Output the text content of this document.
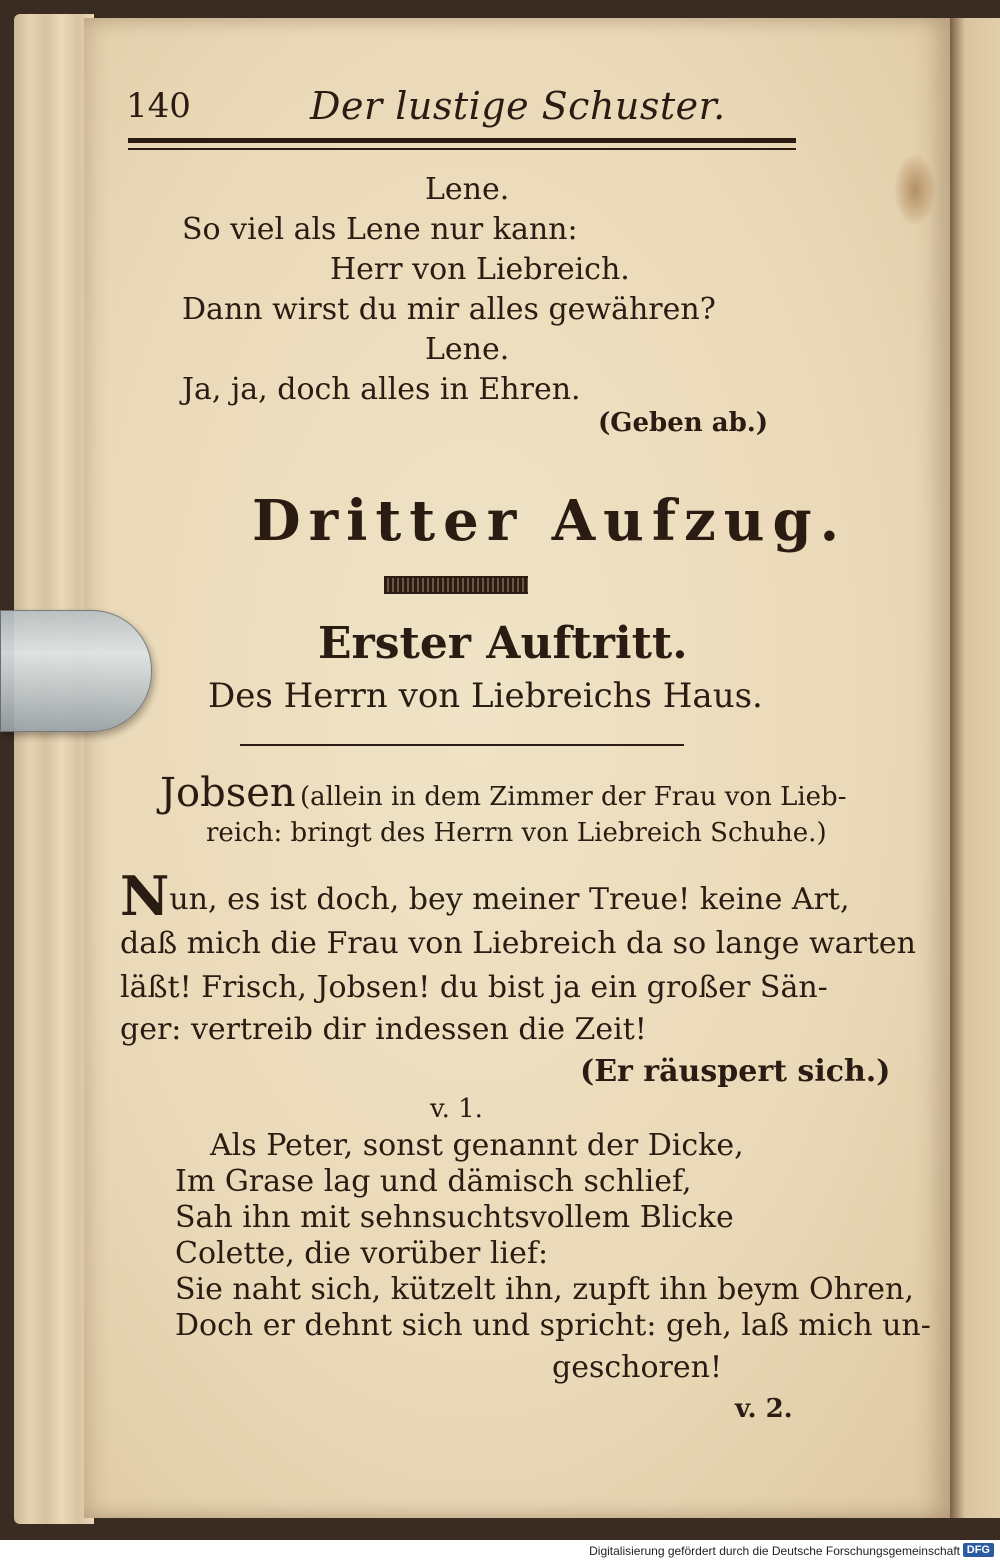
140	Der lustige Schuster.
Lene.
So viel als Lene nur kann:
Herr von Liebreich.
Dann wirst du mir alles gewähren?
Lene.
Ja, ja, doch alles in Ehren.
(Geben ab.)
Dritter Aufzug.
Erster Auftritt.
Des Herrn von Liebreichs Haus.
Jobsen (allein in dem Zimmer der Frau von Lieb-
reich: bringt des Herrn von Liebreich Schuhe.)
Nun, es ist doch, bey meiner Treue! keine Art,
daß mich die Frau von Liebreich da so lange warten
läßt! Frisch, Jobsen! du bist ja ein großer Sän-
ger: vertreib dir indessen die Zeit!
(Er räuspert sich.)
v. 1.
Als Peter, sonst genannt der Dicke,
Im Grase lag und dämisch schlief,
Sah ihn mit sehnsuchtsvollem Blicke
Colette, die vorüber lief:
Sie naht sich, kützelt ihn, zupft ihn beym Ohren,
Doch er dehnt sich und spricht: geh, laß mich un-
geschoren!
v. 2.
Digitalisierung gefördert durch die Deutsche Forschungsgemeinschaft DFG
